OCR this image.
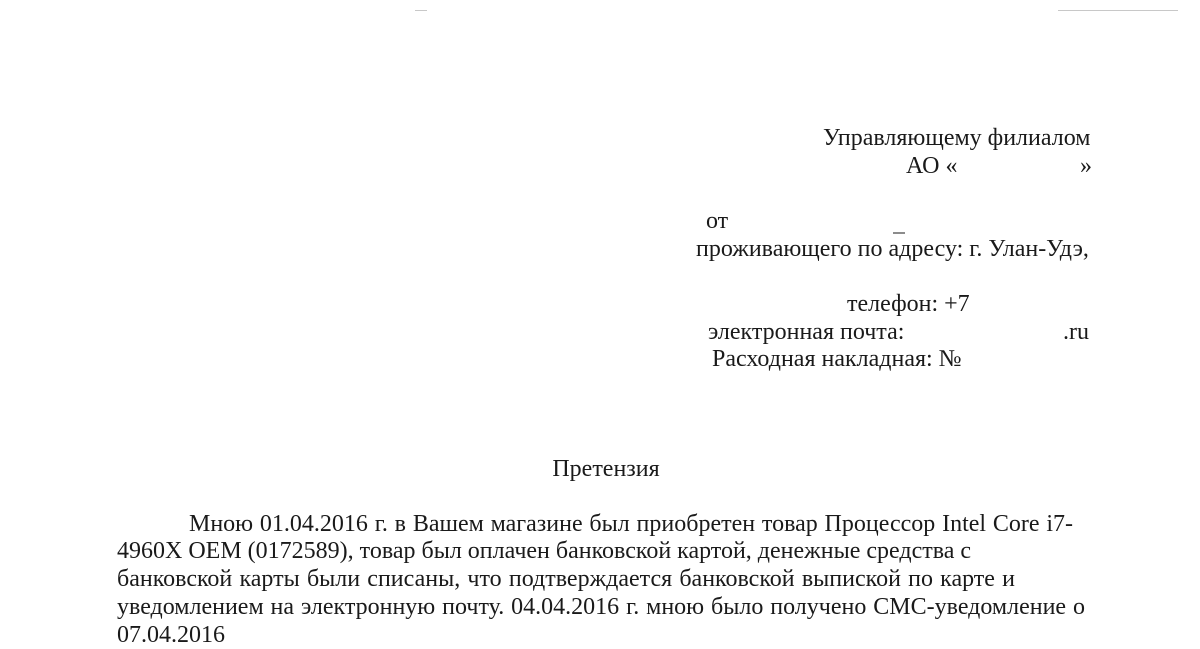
Управляющему филиалом
АО «	»
от
проживающего по адресу: г. Улан-Удэ,
телефон: +7
электронная почта:	.ru
Расходная накладная: №
Претензия
Мною 01.04.2016 г. в Вашем магазине был приобретен товар Процессор Intel Core i7-
4960X OEM (0172589), товар был оплачен банковской картой, денежные средства с
банковской карты были списаны, что подтверждается банковской выпиской по карте и
уведомлением на электронную почту. 04.04.2016 г. мною было получено СМС-уведомление о
07.04.2016
